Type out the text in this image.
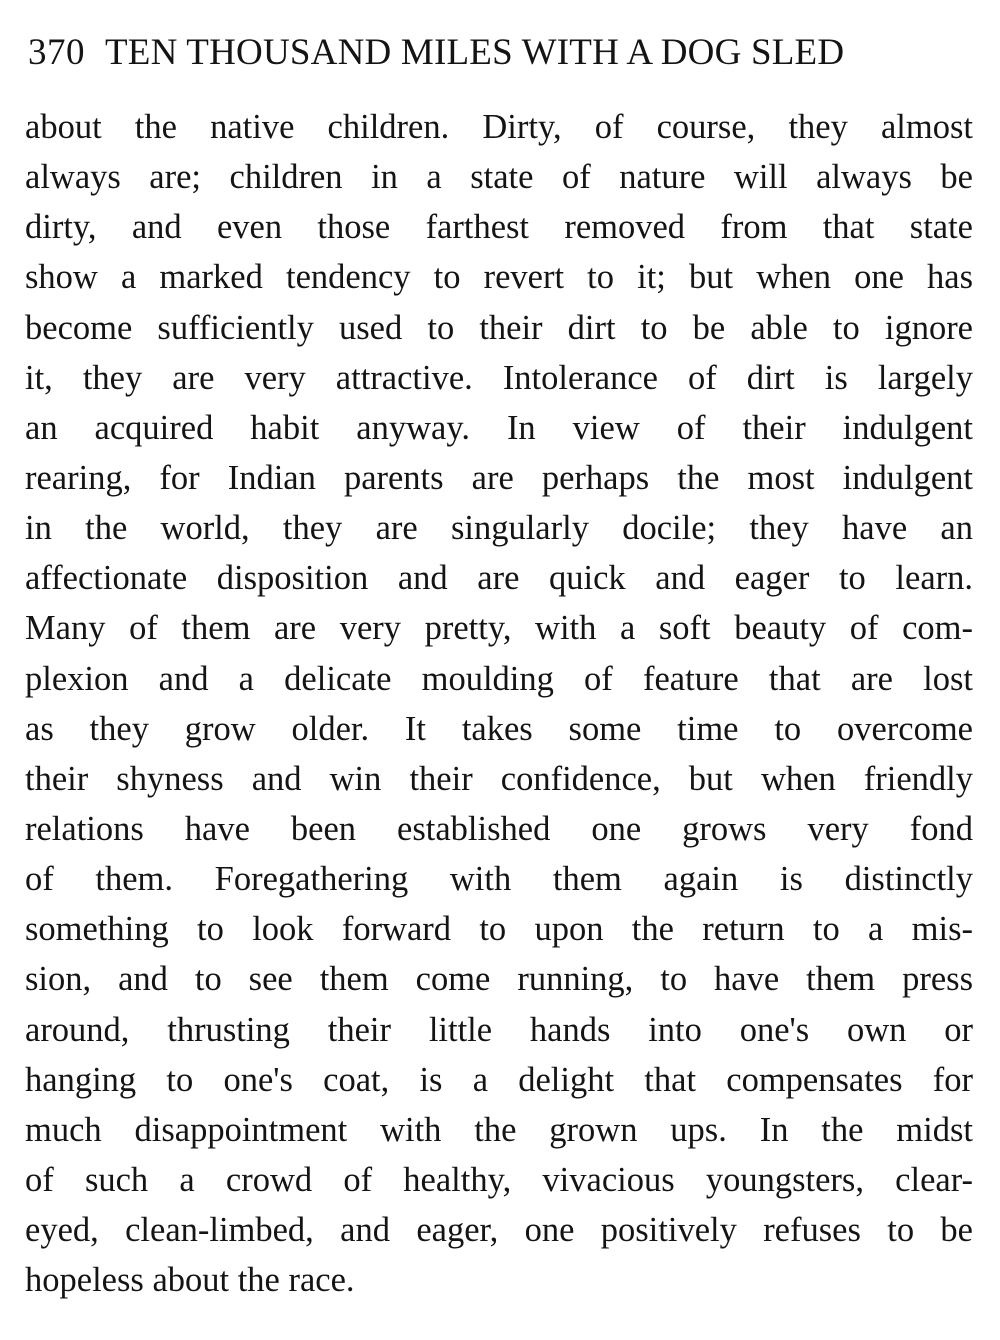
370 TEN THOUSAND MILES WITH A DOG SLED
about the native children. Dirty, of course, they almost
always are; children in a state of nature will always be
dirty, and even those farthest removed from that state
show a marked tendency to revert to it; but when one has
become sufficiently used to their dirt to be able to ignore
it, they are very attractive. Intolerance of dirt is largely
an acquired habit anyway. In view of their indulgent
rearing, for Indian parents are perhaps the most indulgent
in the world, they are singularly docile; they have an
affectionate disposition and are quick and eager to learn.
Many of them are very pretty, with a soft beauty of com-
plexion and a delicate moulding of feature that are lost
as they grow older. It takes some time to overcome
their shyness and win their confidence, but when friendly
relations have been established one grows very fond
of them. Foregathering with them again is distinctly
something to look forward to upon the return to a mis-
sion, and to see them come running, to have them press
around, thrusting their little hands into one's own or
hanging to one's coat, is a delight that compensates for
much disappointment with the grown ups. In the midst
of such a crowd of healthy, vivacious youngsters, clear-
eyed, clean-limbed, and eager, one positively refuses to be
hopeless about the race.
